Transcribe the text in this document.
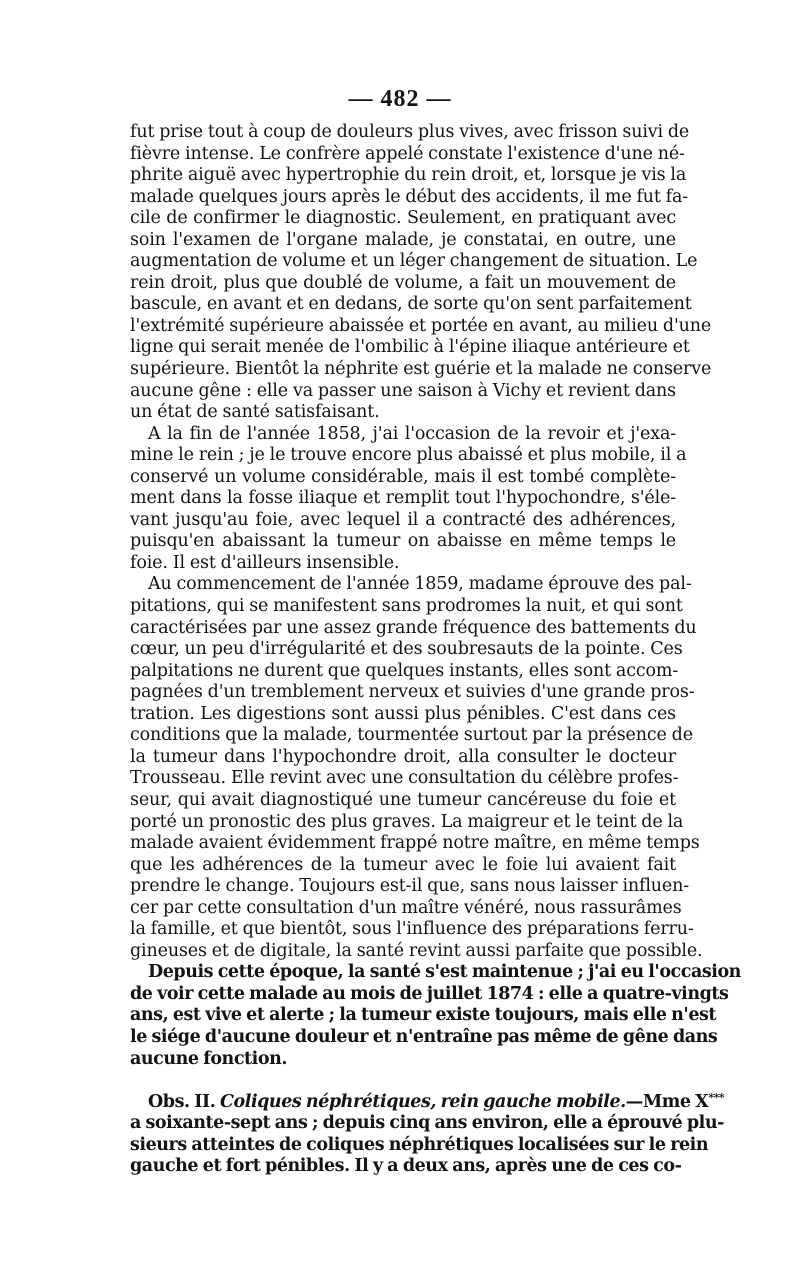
— 482 —
fut prise tout à coup de douleurs plus vives, avec frisson suivi de
fièvre intense. Le confrère appelé constate l'existence d'une né-
phrite aiguë avec hypertrophie du rein droit, et, lorsque je vis la
malade quelques jours après le début des accidents, il me fut fa-
cile de confirmer le diagnostic. Seulement, en pratiquant avec
soin l'examen de l'organe malade, je constatai, en outre, une
augmentation de volume et un léger changement de situation. Le
rein droit, plus que doublé de volume, a fait un mouvement de
bascule, en avant et en dedans, de sorte qu'on sent parfaitement
l'extrémité supérieure abaissée et portée en avant, au milieu d'une
ligne qui serait menée de l'ombilic à l'épine iliaque antérieure et
supérieure. Bientôt la néphrite est guérie et la malade ne conserve
aucune gêne : elle va passer une saison à Vichy et revient dans
un état de santé satisfaisant.
A la fin de l'année 1858, j'ai l'occasion de la revoir et j'exa-
mine le rein ; je le trouve encore plus abaissé et plus mobile, il a
conservé un volume considérable, mais il est tombé complète-
ment dans la fosse iliaque et remplit tout l'hypochondre, s'éle-
vant jusqu'au foie, avec lequel il a contracté des adhérences,
puisqu'en abaissant la tumeur on abaisse en même temps le
foie. Il est d'ailleurs insensible.
Au commencement de l'année 1859, madame éprouve des pal-
pitations, qui se manifestent sans prodromes la nuit, et qui sont
caractérisées par une assez grande fréquence des battements du
cœur, un peu d'irrégularité et des soubresauts de la pointe. Ces
palpitations ne durent que quelques instants, elles sont accom-
pagnées d'un tremblement nerveux et suivies d'une grande pros-
tration. Les digestions sont aussi plus pénibles. C'est dans ces
conditions que la malade, tourmentée surtout par la présence de
la tumeur dans l'hypochondre droit, alla consulter le docteur
Trousseau. Elle revint avec une consultation du célèbre profes-
seur, qui avait diagnostiqué une tumeur cancéreuse du foie et
porté un pronostic des plus graves. La maigreur et le teint de la
malade avaient évidemment frappé notre maître, en même temps
que les adhérences de la tumeur avec le foie lui avaient fait
prendre le change. Toujours est-il que, sans nous laisser influen-
cer par cette consultation d'un maître vénéré, nous rassurâmes
la famille, et que bientôt, sous l'influence des préparations ferru-
gineuses et de digitale, la santé revint aussi parfaite que possible.
Depuis cette époque, la santé s'est maintenue ; j'ai eu l'occasion
de voir cette malade au mois de juillet 1874 : elle a quatre-vingts
ans, est vive et alerte ; la tumeur existe toujours, mais elle n'est
le siége d'aucune douleur et n'entraîne pas même de gêne dans
aucune fonction.
Obs. II. Coliques néphrétiques, rein gauche mobile.—Mme X***
a soixante-sept ans ; depuis cinq ans environ, elle a éprouvé plu-
sieurs atteintes de coliques néphrétiques localisées sur le rein
gauche et fort pénibles. Il y a deux ans, après une de ces co-
